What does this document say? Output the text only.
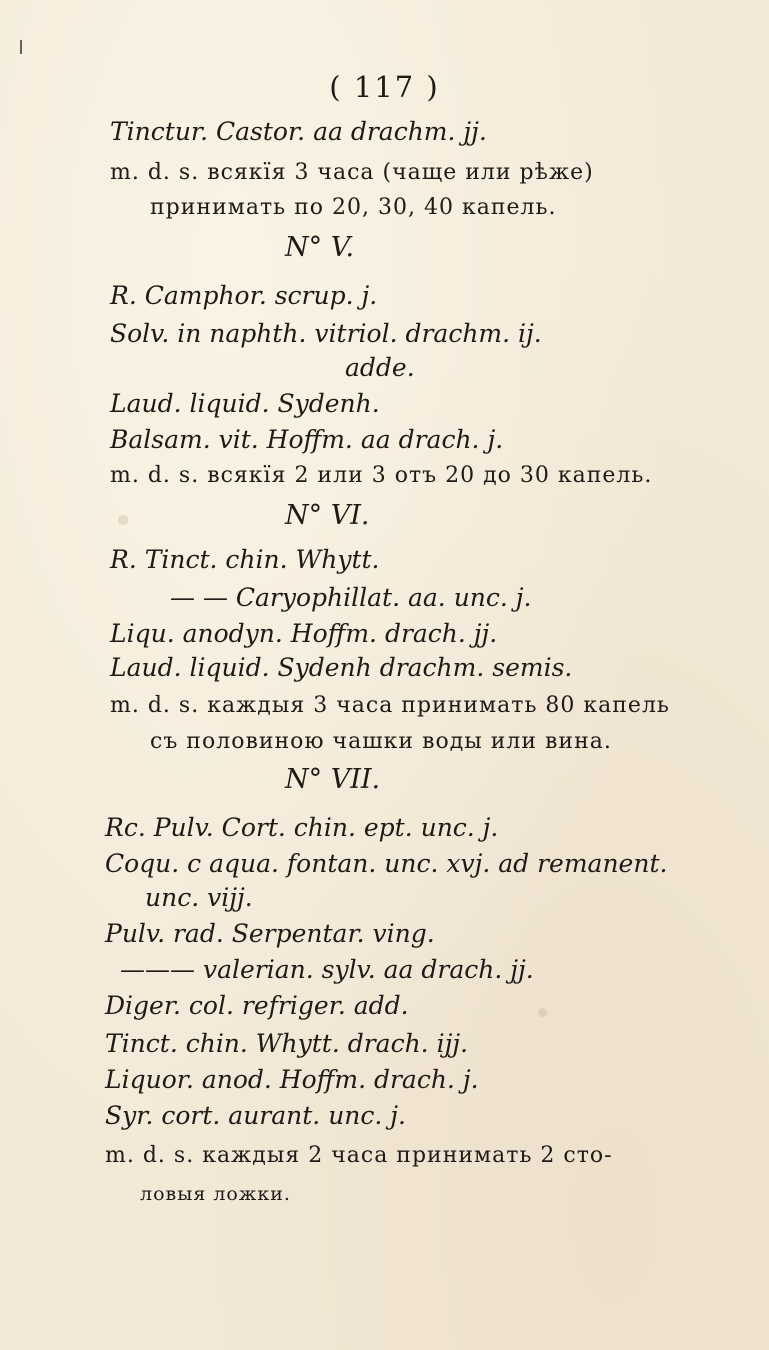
( 117 )
Tinctur. Castor. aa drachm. jj.
m. d. s. всякїя 3 часа (чаще или рѣже)
принимать по 20, 30, 40 капель.
N° V.
R. Camphor. scrup. j.
Solv. in naphth. vitriol. drachm. ij.
adde.
Laud. liquid. Sydenh.
Balsam. vit. Hoffm. aa drach. j.
m. d. s. всякїя 2 или 3 отъ 20 до 30 капель.
N° VI.
R. Tinct. chin. Whytt.
— — Caryophillat. aa. unc. j.
Liqu. anodyn. Hoffm. drach. jj.
Laud. liquid. Sydenh drachm. semis.
m. d. s. каждыя 3 часа принимать 80 капель
съ половиною чашки воды или вина.
N° VII.
Rc. Pulv. Cort. chin. ept. unc. j.
Coqu. c aqua. fontan. unc. xvj. ad remanent.
unc. vijj.
Pulv. rad. Serpentar. ving.
——— valerian. sylv. aa drach. jj.
Diger. col. refriger. add.
Tinct. chin. Whytt. drach. ijj.
Liquor. anod. Hoffm. drach. j.
Syr. cort. aurant. unc. j.
m. d. s. каждыя 2 часа принимать 2 сто-
ловыя ложки.
